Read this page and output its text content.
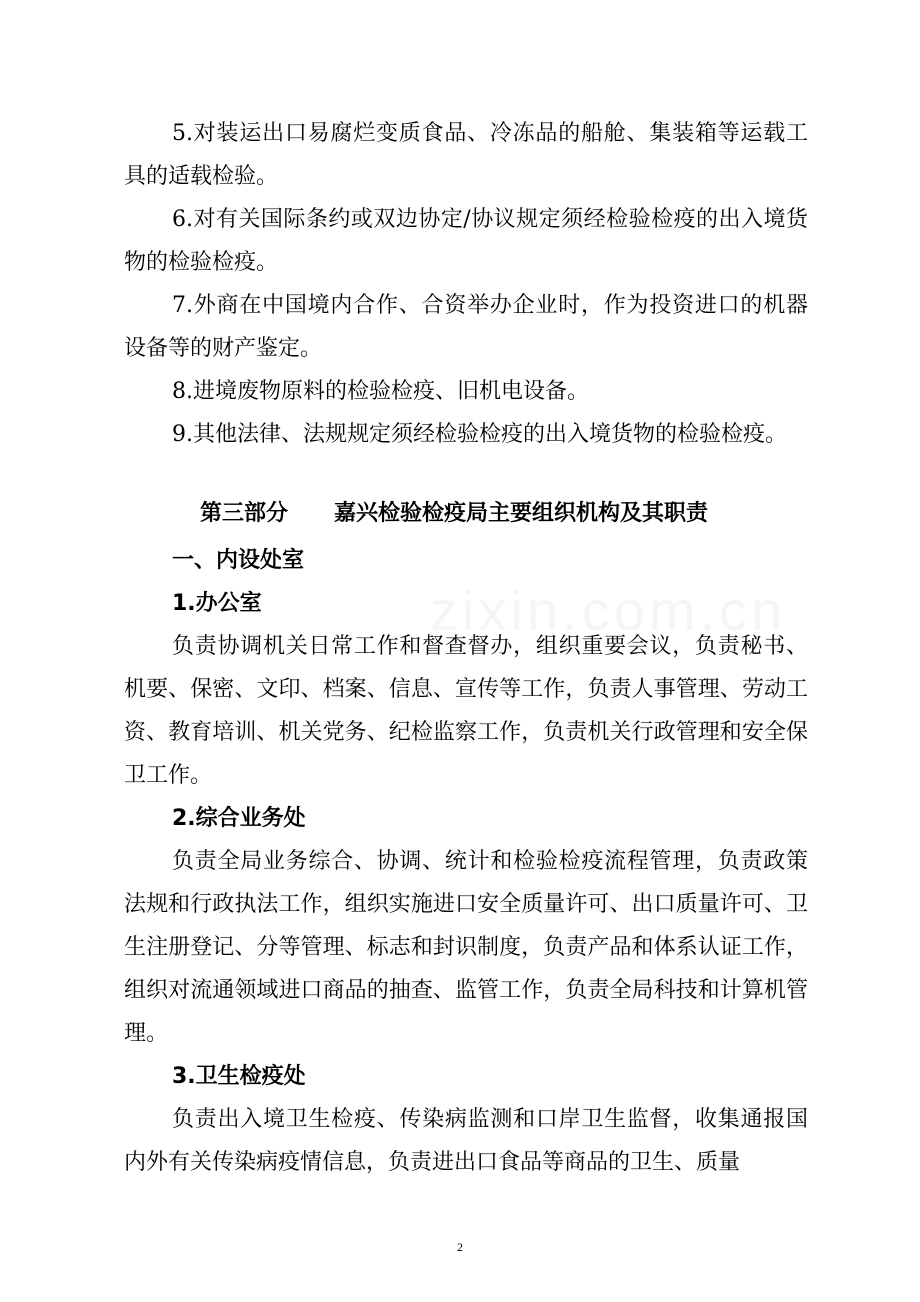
5.对装运出口易腐烂变质食品、冷冻品的船舱、集装箱等运载工具的适载检验。

6.对有关国际条约或双边协定/协议规定须经检验检疫的出入境货物的检验检疫。

7.外商在中国境内合作、合资举办企业时，作为投资进口的机器设备等的财产鉴定。

8.进境废物原料的检验检疫、旧机电设备。

9.其他法律、法规规定须经检验检疫的出入境货物的检验检疫。

第三部分 嘉兴检验检疫局主要组织机构及其职责

一、内设处室

1.办公室

负责协调机关日常工作和督查督办，组织重要会议，负责秘书、机要、保密、文印、档案、信息、宣传等工作，负责人事管理、劳动工资、教育培训、机关党务、纪检监察工作，负责机关行政管理和安全保卫工作。

2.综合业务处

负责全局业务综合、协调、统计和检验检疫流程管理，负责政策法规和行政执法工作，组织实施进口安全质量许可、出口质量许可、卫生注册登记、分等管理、标志和封识制度，负责产品和体系认证工作，组织对流通领域进口商品的抽查、监管工作，负责全局科技和计算机管理。

3.卫生检疫处

负责出入境卫生检疫、传染病监测和口岸卫生监督，收集通报国内外有关传染病疫情信息，负责进出口食品等商品的卫生、质量

zixin.com.cn
2
